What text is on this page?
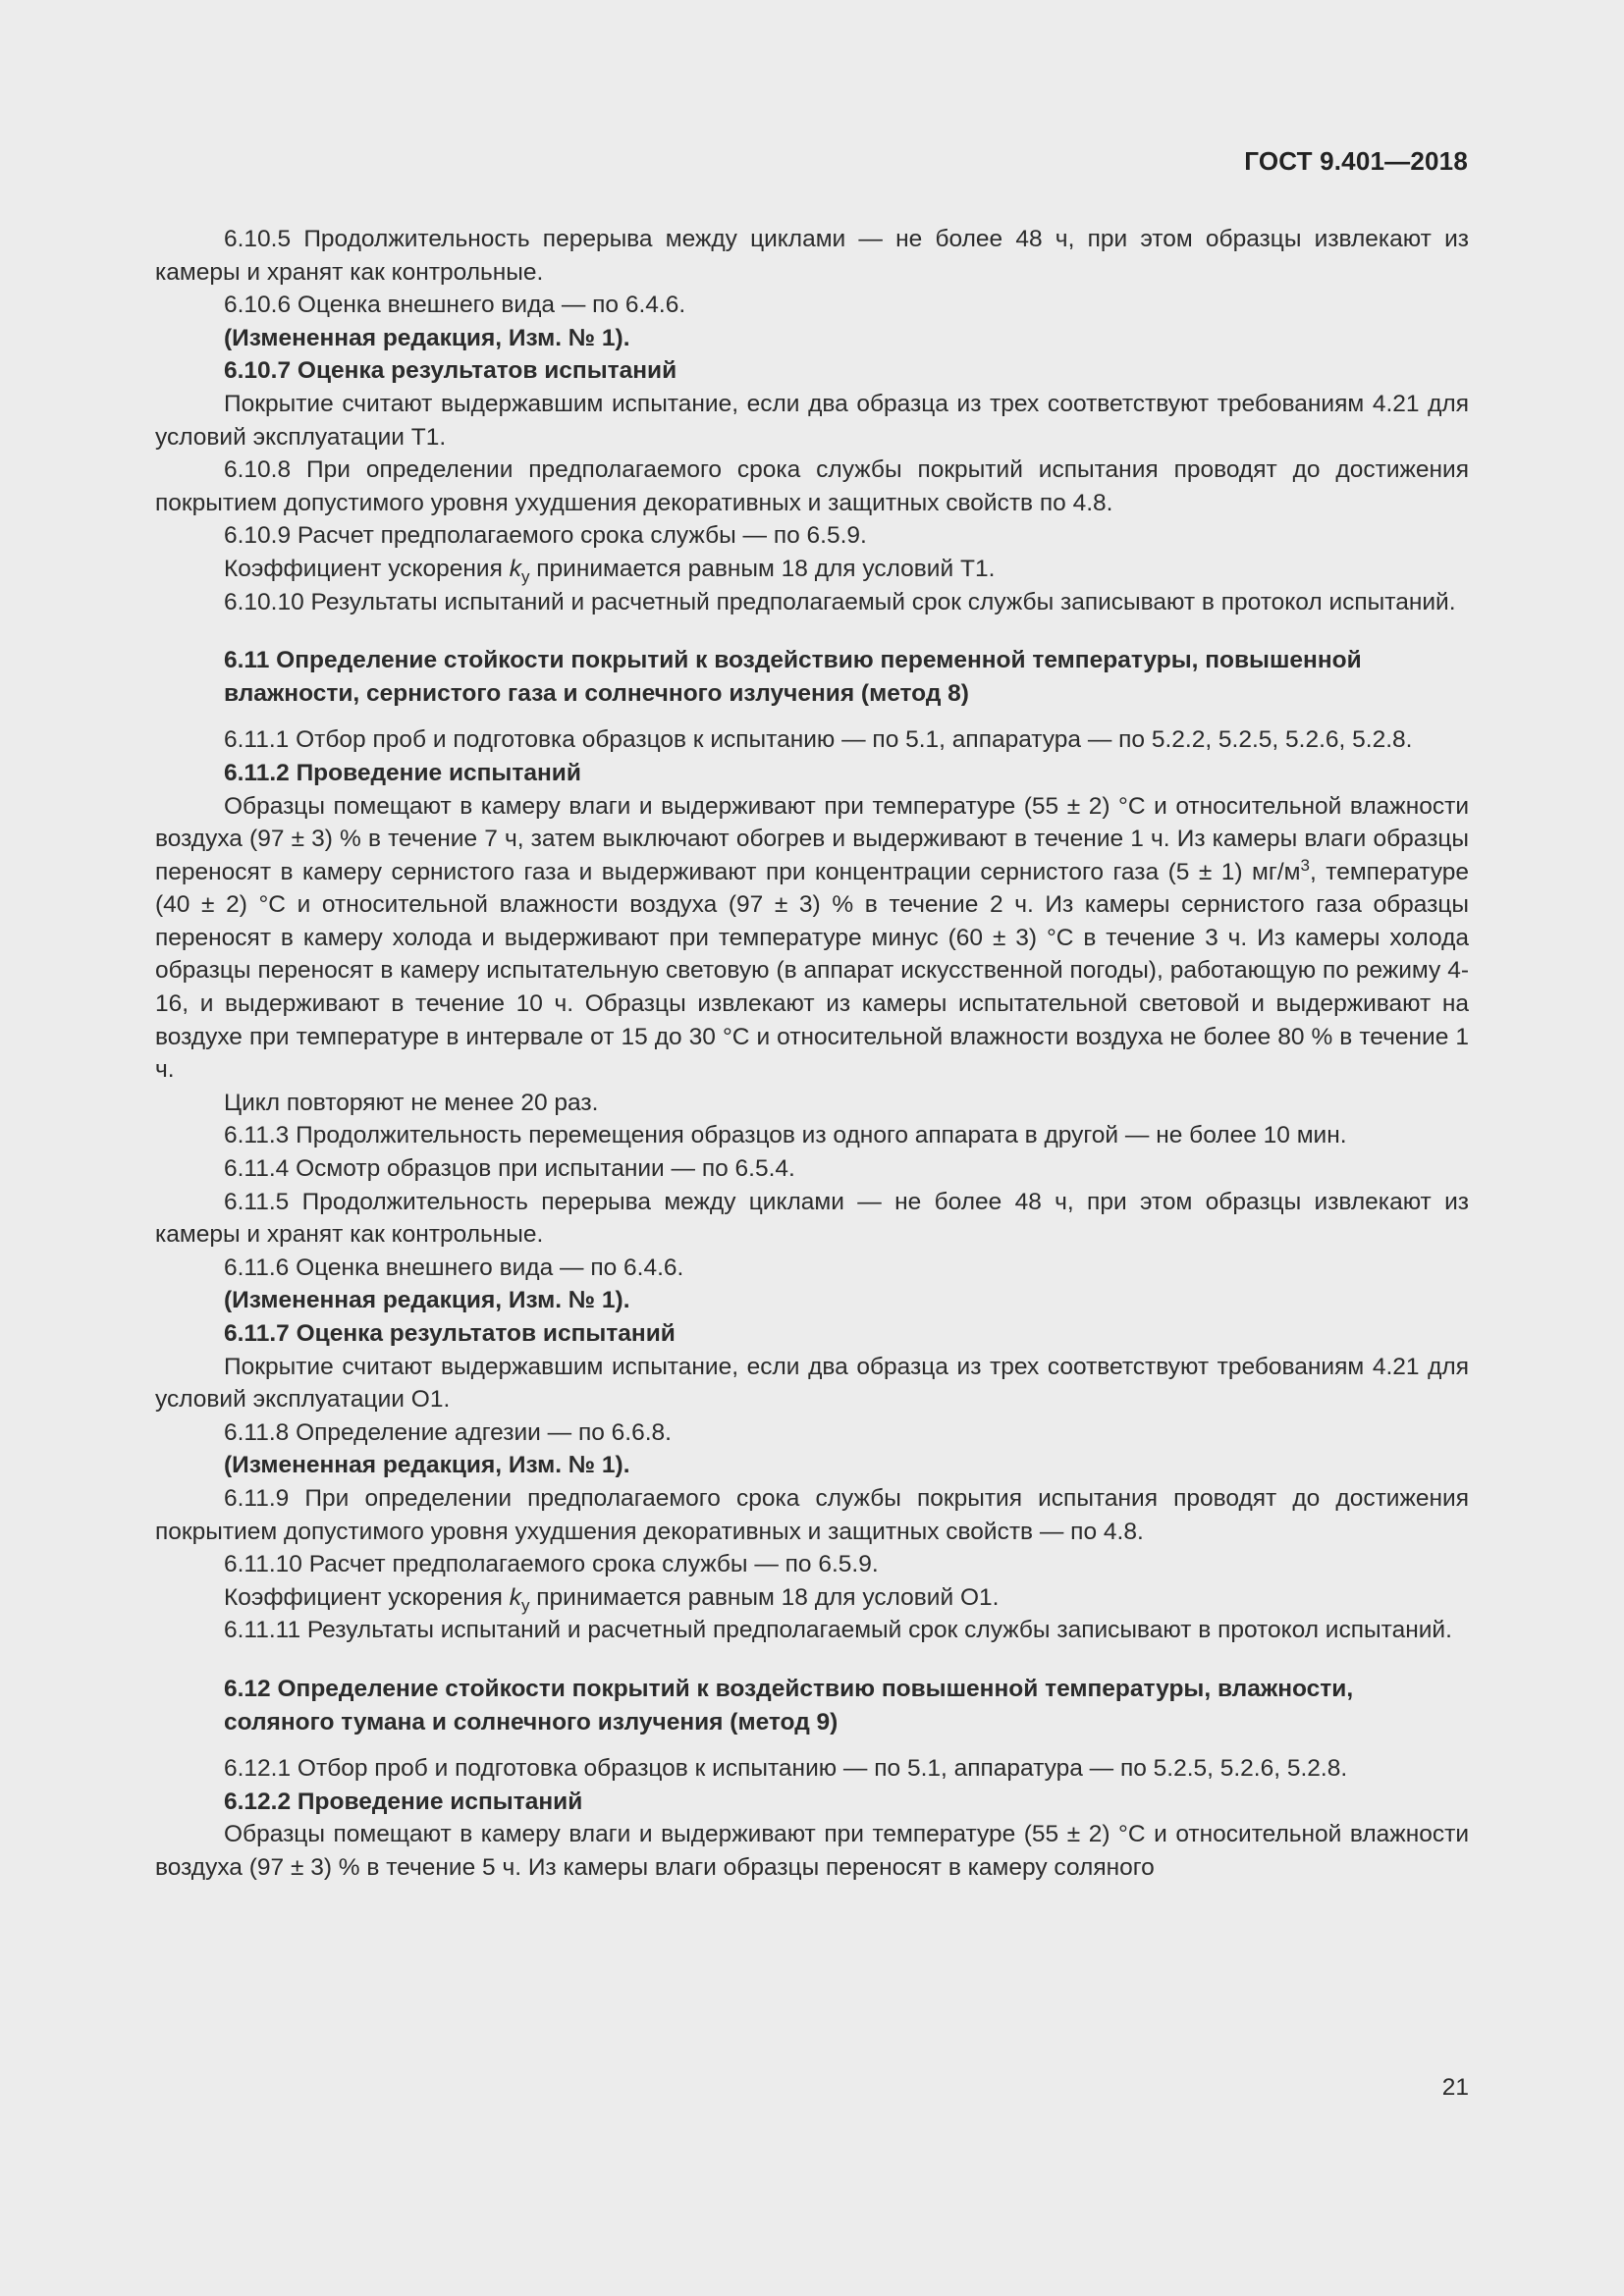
ГОСТ 9.401—2018

6.10.5 Продолжительность перерыва между циклами — не более 48 ч, при этом образцы извлекают из камеры и хранят как контрольные.

6.10.6 Оценка внешнего вида — по 6.4.6.

(Измененная редакция, Изм. № 1).

6.10.7 Оценка результатов испытаний

Покрытие считают выдержавшим испытание, если два образца из трех соответствуют требованиям 4.21 для условий эксплуатации Т1.

6.10.8 При определении предполагаемого срока службы покрытий испытания проводят до достижения покрытием допустимого уровня ухудшения декоративных и защитных свойств по 4.8.

6.10.9 Расчет предполагаемого срока службы — по 6.5.9.

Коэффициент ускорения $k_у$ принимается равным 18 для условий Т1.

6.10.10 Результаты испытаний и расчетный предполагаемый срок службы записывают в протокол испытаний.

6.11 Определение стойкости покрытий к воздействию переменной температуры, повышенной влажности, сернистого газа и солнечного излучения (метод 8)

6.11.1 Отбор проб и подготовка образцов к испытанию — по 5.1, аппаратура — по 5.2.2, 5.2.5, 5.2.6, 5.2.8.

6.11.2 Проведение испытаний

Образцы помещают в камеру влаги и выдерживают при температуре (55 ± 2) °С и относительной влажности воздуха (97 ± 3) % в течение 7 ч, затем выключают обогрев и выдерживают в течение 1 ч. Из камеры влаги образцы переносят в камеру сернистого газа и выдерживают при концентрации сернистого газа (5 ± 1) $мг/м^3$, температуре (40 ± 2) °С и относительной влажности воздуха (97 ± 3) % в течение 2 ч. Из камеры сернистого газа образцы переносят в камеру холода и выдерживают при температуре минус (60 ± 3) °С в течение 3 ч. Из камеры холода образцы переносят в камеру испытательную световую (в аппарат искусственной погоды), работающую по режиму 4-16, и выдерживают в течение 10 ч. Образцы извлекают из камеры испытательной световой и выдерживают на воздухе при температуре в интервале от 15 до 30 °С и относительной влажности воздуха не более 80 % в течение 1 ч.

Цикл повторяют не менее 20 раз.

6.11.3 Продолжительность перемещения образцов из одного аппарата в другой — не более 10 мин.

6.11.4 Осмотр образцов при испытании — по 6.5.4.

6.11.5 Продолжительность перерыва между циклами — не более 48 ч, при этом образцы извлекают из камеры и хранят как контрольные.

6.11.6 Оценка внешнего вида — по 6.4.6.

(Измененная редакция, Изм. № 1).

6.11.7 Оценка результатов испытаний

Покрытие считают выдержавшим испытание, если два образца из трех соответствуют требованиям 4.21 для условий эксплуатации О1.

6.11.8 Определение адгезии — по 6.6.8.

(Измененная редакция, Изм. № 1).

6.11.9 При определении предполагаемого срока службы покрытия испытания проводят до достижения покрытием допустимого уровня ухудшения декоративных и защитных свойств — по 4.8.

6.11.10 Расчет предполагаемого срока службы — по 6.5.9.

Коэффициент ускорения $k_у$ принимается равным 18 для условий О1.

6.11.11 Результаты испытаний и расчетный предполагаемый срок службы записывают в протокол испытаний.

6.12 Определение стойкости покрытий к воздействию повышенной температуры, влажности, соляного тумана и солнечного излучения (метод 9)

6.12.1 Отбор проб и подготовка образцов к испытанию — по 5.1, аппаратура — по 5.2.5, 5.2.6, 5.2.8.

6.12.2 Проведение испытаний

Образцы помещают в камеру влаги и выдерживают при температуре (55 ± 2) °С и относительной влажности воздуха (97 ± 3) % в течение 5 ч. Из камеры влаги образцы переносят в камеру соляного

21
